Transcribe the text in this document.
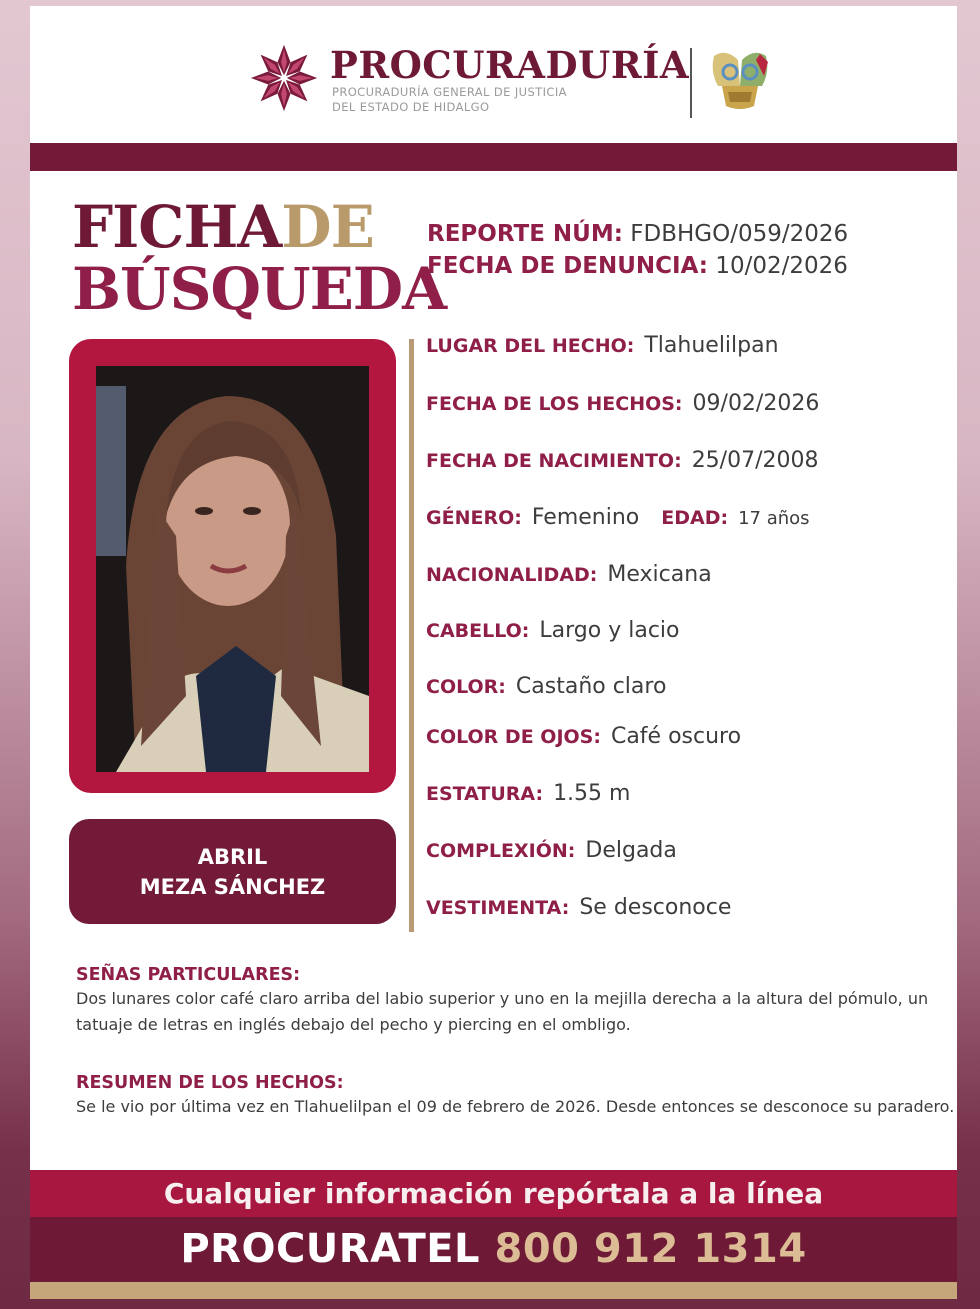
PROCURADURÍA
PROCURADURÍA GENERAL DE JUSTICIA
DEL ESTADO DE HIDALGO
FICHADE
BÚSQUEDA
REPORTE NÚM: FDBHGO/059/2026
FECHA DE DENUNCIA: 10/02/2026
ABRIL
MEZA SÁNCHEZ
LUGAR DEL HECHO: Tlahuelilpan
FECHA DE LOS HECHOS: 09/02/2026
FECHA DE NACIMIENTO: 25/07/2008
GÉNERO: Femenino EDAD: 17 años
NACIONALIDAD: Mexicana
CABELLO: Largo y lacio
COLOR: Castaño claro
COLOR DE OJOS: Café oscuro
ESTATURA: 1.55 m
COMPLEXIÓN: Delgada
VESTIMENTA: Se desconoce
SEÑAS PARTICULARES:
Dos lunares color café claro arriba del labio superior y uno en la mejilla derecha a la altura del pómulo, un tatuaje de letras en inglés debajo del pecho y piercing en el ombligo.
RESUMEN DE LOS HECHOS:
Se le vio por última vez en Tlahuelilpan el 09 de febrero de 2026. Desde entonces se desconoce su paradero.
Cualquier información repórtala a la línea
PROCURATEL 800 912 1314
